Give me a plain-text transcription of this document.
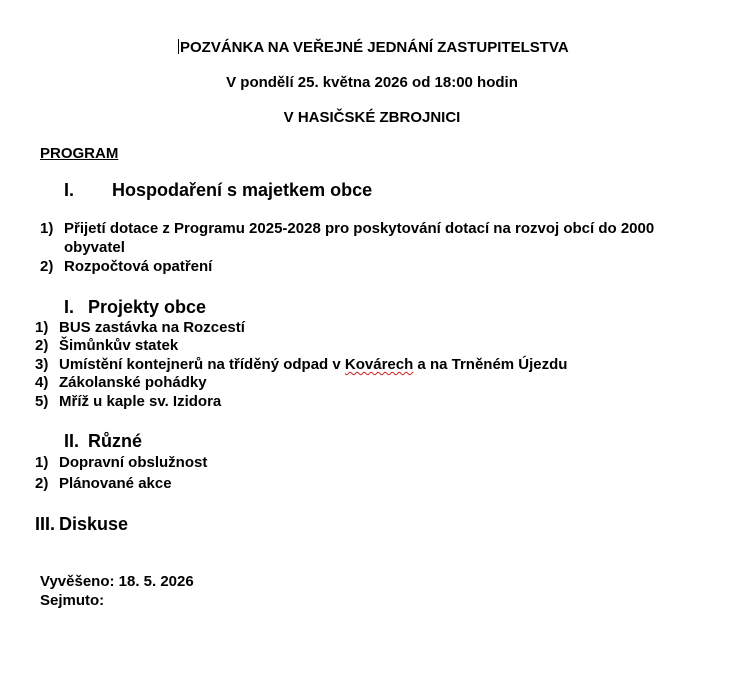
POZVÁNKA NA VEŘEJNÉ JEDNÁNÍ ZASTUPITELSTVA
V pondělí 25. května 2026 od 18:00 hodin
V HASIČSKÉ ZBROJNICI
PROGRAM
I. Hospodaření s majetkem obce
1) Přijetí dotace z Programu 2025-2028 pro poskytování dotací na rozvoj obcí do 2000
obyvatel
2) Rozpočtová opatření
I. Projekty obce
1) BUS zastávka na Rozcestí
2) Šimůnkův statek
3) Umístění kontejnerů na tříděný odpad v Kovárech a na Trněném Újezdu
4) Zákolanské pohádky
5) Mříž u kaple sv. Izidora
II. Různé
1) Dopravní obslužnost
2) Plánované akce
III. Diskuse
Vyvěšeno: 18. 5. 2026
Sejmuto:
